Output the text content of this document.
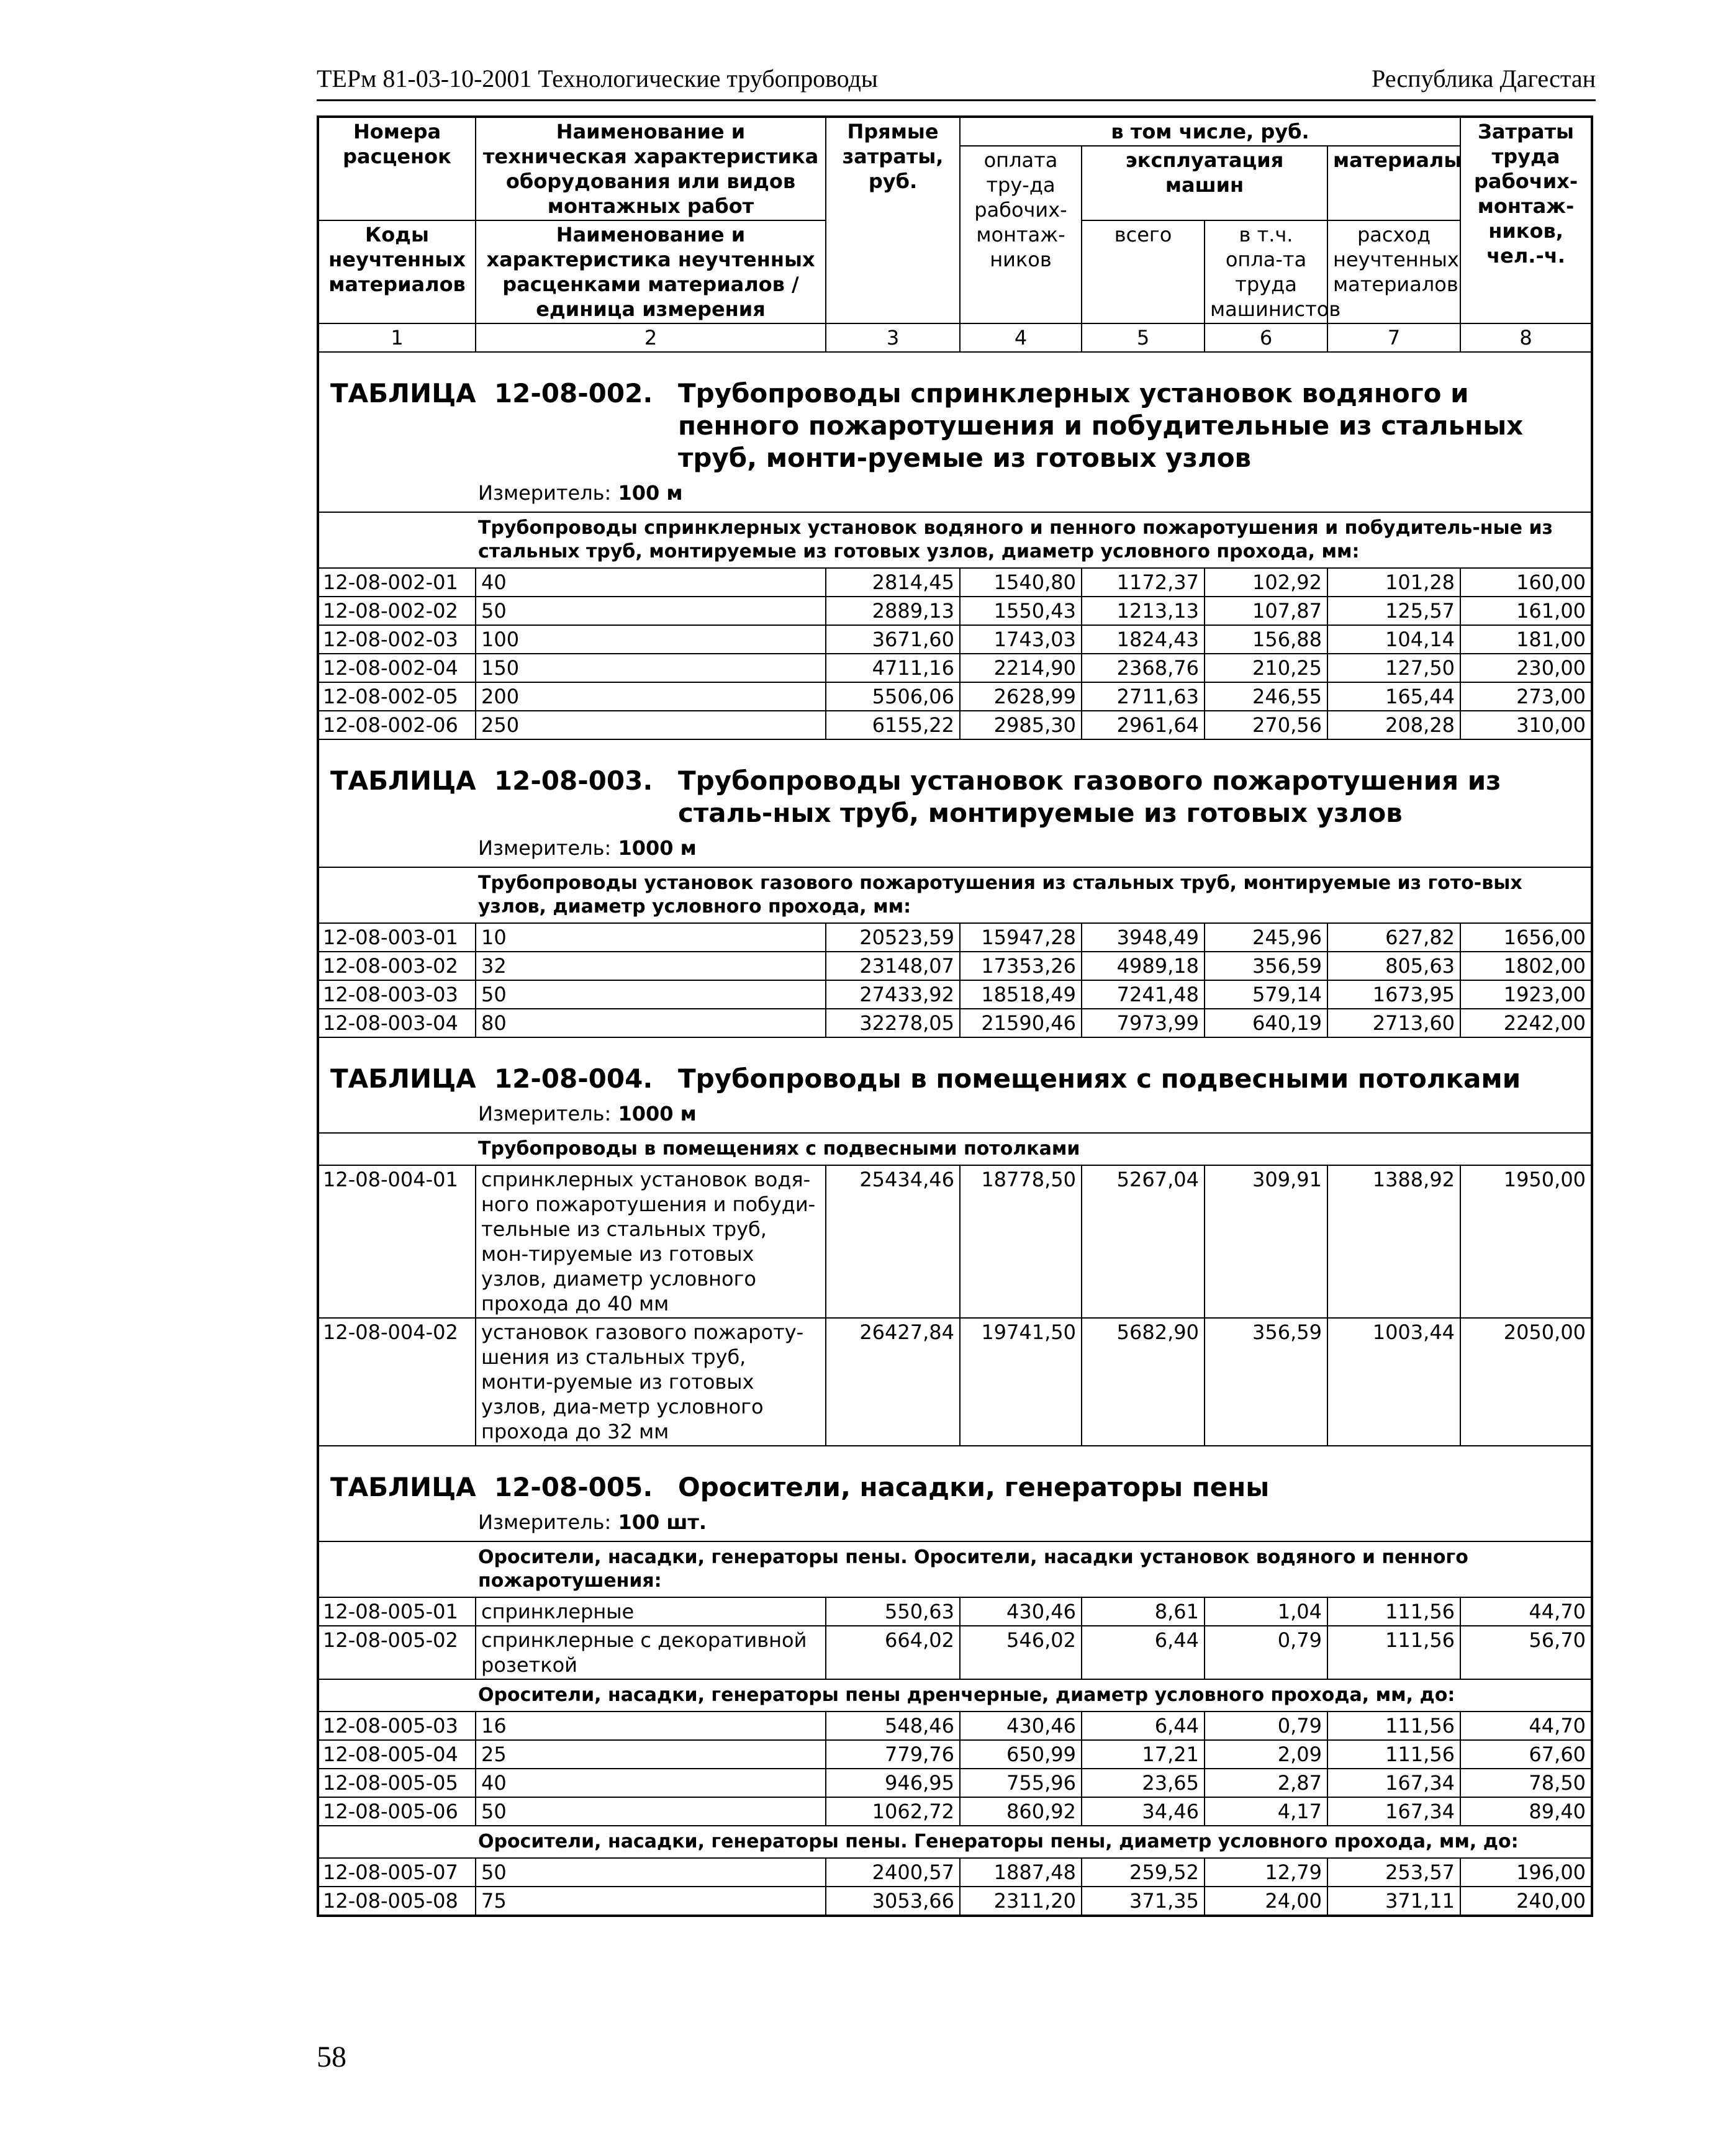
ТЕРм 81-03-10-2001 Технологические трубопроводы	Республика Дагестан
Номера расценок	Наименование и техническая характеристика оборудования или видов монтажных работ	Прямые затраты, руб.	в том числе, руб.				Затраты труда рабочих-монтаж-ников, чел.-ч.
			оплата тру-да рабочих-монтаж-ников	эксплуатация машин		материалы	
Коды неучтенных материалов	Наименование и характеристика неучтенных расценками материалов / единица измерения			всего	в т.ч. опла-та труда машинистов	расход неучтенных материалов	

1	2	3	4	5	6	7	8

ТАБЛИЦА 12-08-002. Трубопроводы спринклерных установок водяного и пенного пожаротушения и побудительные из стальных труб, монти-руемые из готовых узлов							

Измеритель: 100 м							
Трубопроводы спринклерных установок водяного и пенного пожаротушения и побудитель-ные из стальных труб, монтируемые из готовых узлов, диаметр условного прохода, мм:							
12-08-002-01	40	2814,45	1540,80	1172,37	102,92	101,28	160,00
12-08-002-02	50	2889,13	1550,43	1213,13	107,87	125,57	161,00
12-08-002-03	100	3671,60	1743,03	1824,43	156,88	104,14	181,00
12-08-002-04	150	4711,16	2214,90	2368,76	210,25	127,50	230,00
12-08-002-05	200	5506,06	2628,99	2711,63	246,55	165,44	273,00
12-08-002-06	250	6155,22	2985,30	2961,64	270,56	208,28	310,00

ТАБЛИЦА 12-08-003. Трубопроводы установок газового пожаротушения из сталь-ных труб, монтируемые из готовых узлов							

Измеритель: 1000 м							
Трубопроводы установок газового пожаротушения из стальных труб, монтируемые из гото-вых узлов, диаметр условного прохода, мм:							
12-08-003-01	10	20523,59	15947,28	3948,49	245,96	627,82	1656,00
12-08-003-02	32	23148,07	17353,26	4989,18	356,59	805,63	1802,00
12-08-003-03	50	27433,92	18518,49	7241,48	579,14	1673,95	1923,00
12-08-003-04	80	32278,05	21590,46	7973,99	640,19	2713,60	2242,00

ТАБЛИЦА 12-08-004. Трубопроводы в помещениях с подвесными потолками							

Измеритель: 1000 м							
Трубопроводы в помещениях с подвесными потолками							
12-08-004-01	спринклерных установок водя-ного пожаротушения и побуди-тельные из стальных труб, мон-тируемые из готовых узлов, диаметр условного прохода до 40 мм	25434,46	18778,50	5267,04	309,91	1388,92	1950,00
12-08-004-02	установок газового пожароту-шения из стальных труб, монти-руемые из готовых узлов, диа-метр условного прохода до 32 мм	26427,84	19741,50	5682,90	356,59	1003,44	2050,00

ТАБЛИЦА 12-08-005. Оросители, насадки, генераторы пены							

Измеритель: 100 шт.							
Оросители, насадки, генераторы пены. Оросители, насадки установок водяного и пенного пожаротушения:							
12-08-005-01	спринклерные	550,63	430,46	8,61	1,04	111,56	44,70
12-08-005-02	спринклерные с декоративной розеткой	664,02	546,02	6,44	0,79	111,56	56,70
Оросители, насадки, генераторы пены дренчерные, диаметр условного прохода, мм, до:							
12-08-005-03	16	548,46	430,46	6,44	0,79	111,56	44,70
12-08-005-04	25	779,76	650,99	17,21	2,09	111,56	67,60
12-08-005-05	40	946,95	755,96	23,65	2,87	167,34	78,50
12-08-005-06	50	1062,72	860,92	34,46	4,17	167,34	89,40
Оросители, насадки, генераторы пены. Генераторы пены, диаметр условного прохода, мм, до:							
12-08-005-07	50	2400,57	1887,48	259,52	12,79	253,57	196,00
12-08-005-08	75	3053,66	2311,20	371,35	24,00	371,11	240,00
58
